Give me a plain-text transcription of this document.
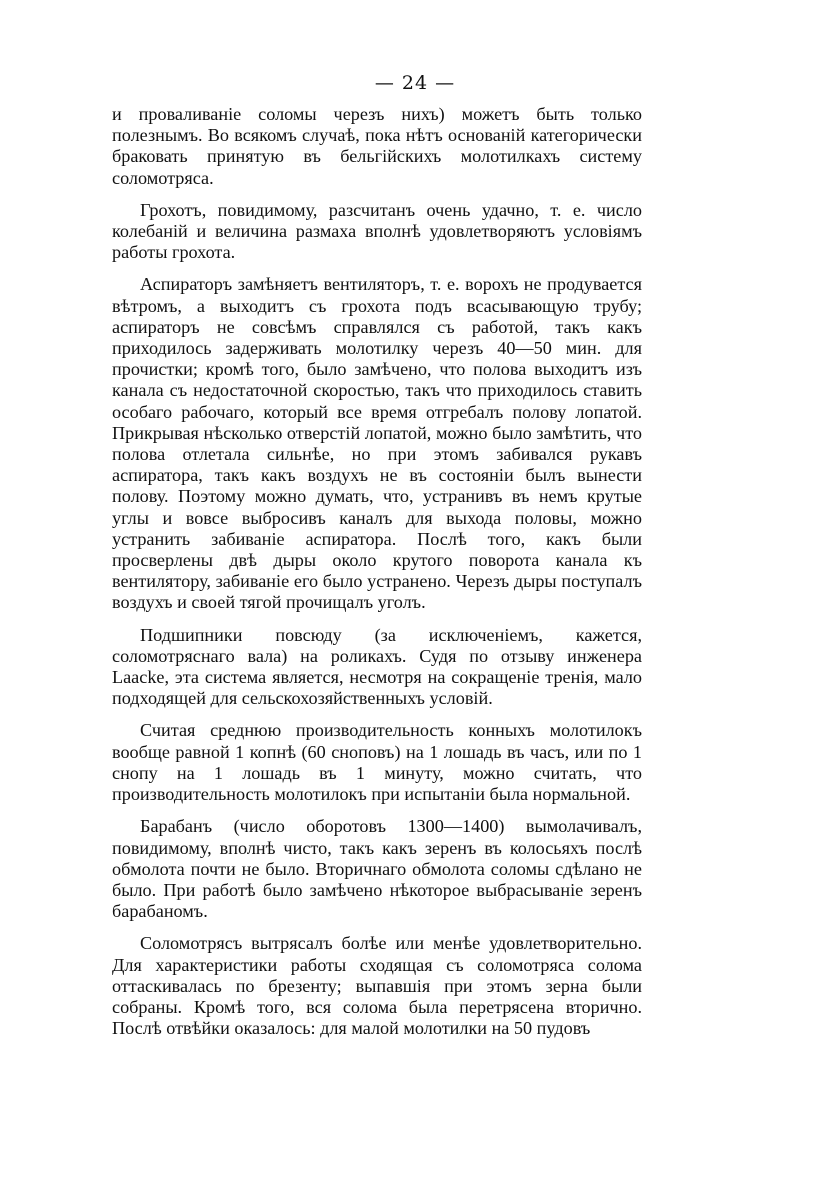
— 24 —

и проваливаніе соломы черезъ нихъ) можетъ быть только полезнымъ. Во всякомъ случаѣ, пока нѣтъ основаній категорически браковать принятую въ бельгійскихъ молотилкахъ систему соломотряса.

Грохотъ, повидимому, разсчитанъ очень удачно, т. е. число колебаній и величина размаха вполнѣ удовлетворяютъ условіямъ работы грохота.

Аспираторъ замѣняетъ вентиляторъ, т. е. ворохъ не продувается вѣтромъ, а выходитъ съ грохота подъ всасывающую трубу; аспираторъ не совсѣмъ справлялся съ работой, такъ какъ приходилось задерживать молотилку черезъ 40—50 мин. для прочистки; кромѣ того, было замѣчено, что полова выходитъ изъ канала съ недостаточной скоростью, такъ что приходилось ставить особаго рабочаго, который все время отгребалъ полову лопатой. Прикрывая нѣсколько отверстій лопатой, можно было замѣтить, что полова отлетала сильнѣе, но при этомъ забивался рукавъ аспиратора, такъ какъ воздухъ не въ состояніи былъ вынести полову. Поэтому можно думать, что, устранивъ въ немъ крутые углы и вовсе выбросивъ каналъ для выхода половы, можно устранить забиваніе аспиратора. Послѣ того, какъ были просверлены двѣ дыры около крутого поворота канала къ вентилятору, забиваніе его было устранено. Черезъ дыры поступалъ воздухъ и своей тягой прочищалъ уголъ.

Подшипники повсюду (за исключеніемъ, кажется, соломотряснаго вала) на роликахъ. Судя по отзыву инженера Laacke, эта система является, несмотря на сокращеніе тренія, мало подходящей для сельскохозяйственныхъ условій.

Считая среднюю производительность конныхъ молотилокъ вообще равной 1 копнѣ (60 сноповъ) на 1 лошадь въ часъ, или по 1 снопу на 1 лошадь въ 1 минуту, можно считать, что производительность молотилокъ при испытаніи была нормальной.

Барабанъ (число оборотовъ 1300—1400) вымолачивалъ, повидимому, вполнѣ чисто, такъ какъ зеренъ въ колосьяхъ послѣ обмолота почти не было. Вторичнаго обмолота соломы сдѣлано не было. При работѣ было замѣчено нѣкоторое выбрасываніе зеренъ барабаномъ.

Соломотрясъ вытрясалъ болѣе или менѣе удовлетворительно. Для характеристики работы сходящая съ соломотряса солома оттаскивалась по брезенту; выпавшія при этомъ зерна были собраны. Кромѣ того, вся солома была перетрясена вторично. Послѣ отвѣйки оказалось: для малой молотилки на 50 пудовъ
